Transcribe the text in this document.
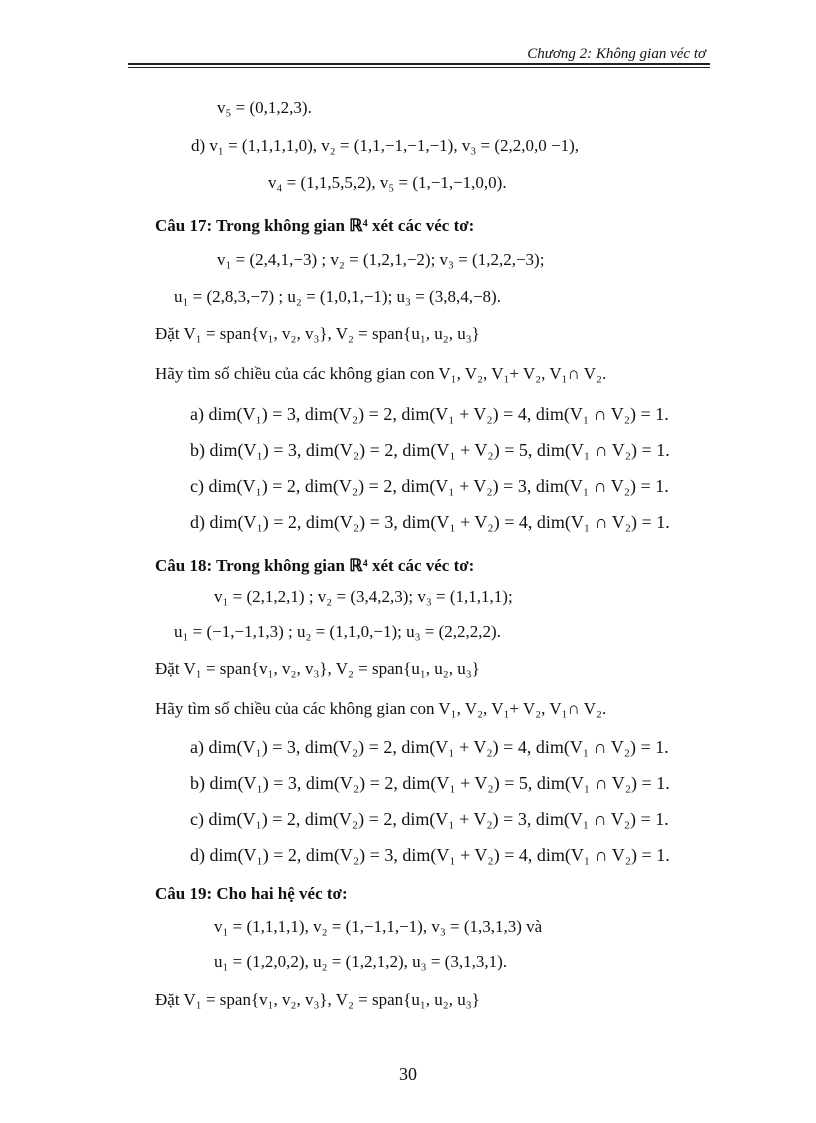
Chương 2: Không gian véc tơ
v₅ = (0,1,2,3).
d) v₁ = (1,1,1,1,0), v₂ = (1,1,−1,−1,−1), v₃ = (2,2,0,0 −1),
v₄ = (1,1,5,5,2), v₅ = (1,−1,−1,0,0).
Câu 17: Trong không gian ℝ⁴ xét các véc tơ:
v₁ = (2,4,1,−3) ; v₂ = (1,2,1,−2); v₃ = (1,2,2,−3);
u₁ = (2,8,3,−7) ; u₂ = (1,0,1,−1); u₃ = (3,8,4,−8).
Đặt V₁ = span{v₁, v₂, v₃}, V₂ = span{u₁, u₂, u₃}
Hãy tìm số chiều của các không gian con V₁, V₂, V₁+ V₂, V₁∩ V₂.
a) dim(V₁) = 3, dim(V₂) = 2, dim(V₁ + V₂) = 4, dim(V₁ ∩ V₂) = 1.
b) dim(V₁) = 3, dim(V₂) = 2, dim(V₁ + V₂) = 5, dim(V₁ ∩ V₂) = 1.
c) dim(V₁) = 2, dim(V₂) = 2, dim(V₁ + V₂) = 3, dim(V₁ ∩ V₂) = 1.
d) dim(V₁) = 2, dim(V₂) = 3, dim(V₁ + V₂) = 4, dim(V₁ ∩ V₂) = 1.
Câu 18: Trong không gian ℝ⁴ xét các véc tơ:
v₁ = (2,1,2,1) ; v₂ = (3,4,2,3); v₃ = (1,1,1,1);
u₁ = (−1,−1,1,3) ; u₂ = (1,1,0,−1); u₃ = (2,2,2,2).
Đặt V₁ = span{v₁, v₂, v₃}, V₂ = span{u₁, u₂, u₃}
Hãy tìm số chiều của các không gian con V₁, V₂, V₁+ V₂, V₁∩ V₂.
a) dim(V₁) = 3, dim(V₂) = 2, dim(V₁ + V₂) = 4, dim(V₁ ∩ V₂) = 1.
b) dim(V₁) = 3, dim(V₂) = 2, dim(V₁ + V₂) = 5, dim(V₁ ∩ V₂) = 1.
c) dim(V₁) = 2, dim(V₂) = 2, dim(V₁ + V₂) = 3, dim(V₁ ∩ V₂) = 1.
d) dim(V₁) = 2, dim(V₂) = 3, dim(V₁ + V₂) = 4, dim(V₁ ∩ V₂) = 1.
Câu 19: Cho hai hệ véc tơ:
v₁ = (1,1,1,1), v₂ = (1,−1,1,−1), v₃ = (1,3,1,3) và
u₁ = (1,2,0,2), u₂ = (1,2,1,2), u₃ = (3,1,3,1).
Đặt V₁ = span{v₁, v₂, v₃}, V₂ = span{u₁, u₂, u₃}
30
